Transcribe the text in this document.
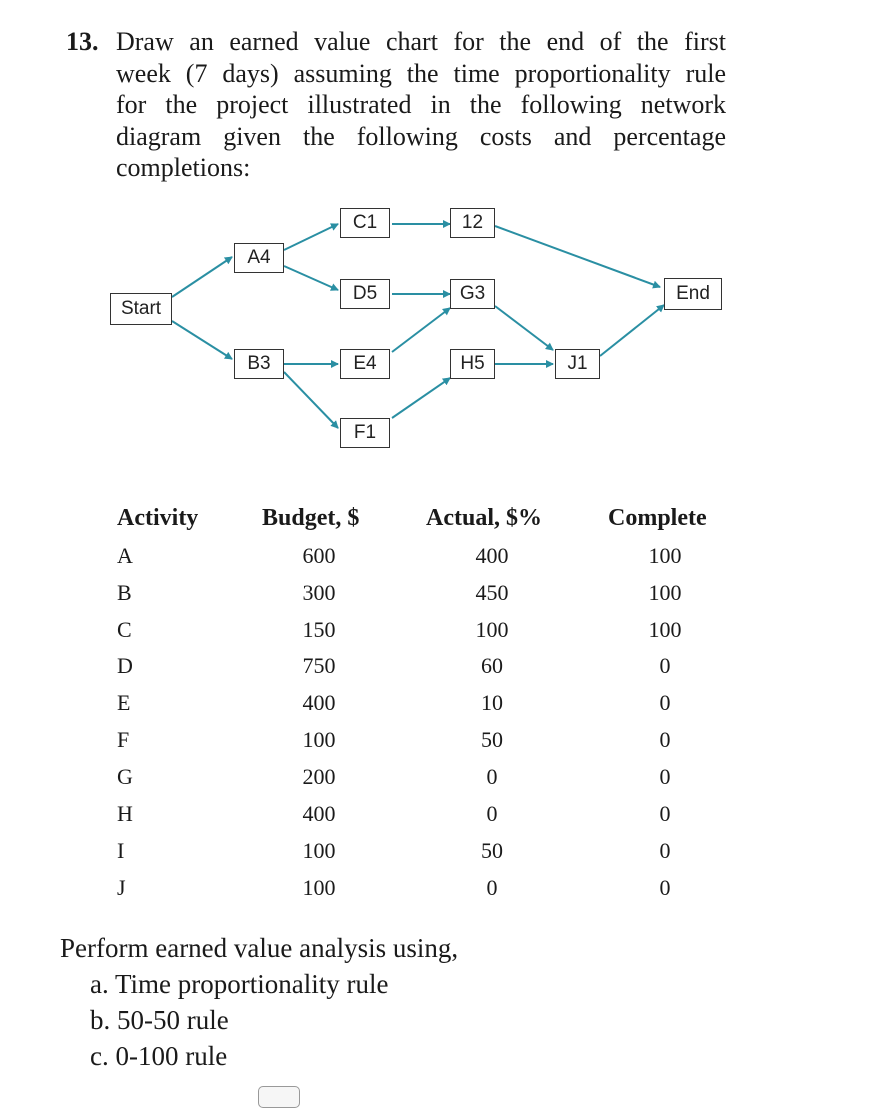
13. Draw an earned value chart for the end of the first
week (7 days) assuming the time proportionality rule
for the project illustrated in the following network
diagram given the following costs and percentage
completions:
Start
End
A4
B3
C1
D5
E4
F1
12
G3
H5	J1
Activity	Budget, $	Actual, $%	Complete
A	600	400	100
B	300	450	100
C	150	100	100
D	750	60	0
E	400	10	0
F	100	50	0
G	200	0	0
H	400	0	0
I	100	50	0
J	100	0	0
Perform earned value analysis using,
a. Time proportionality rule
b. 50-50 rule
c. 0-100 rule
